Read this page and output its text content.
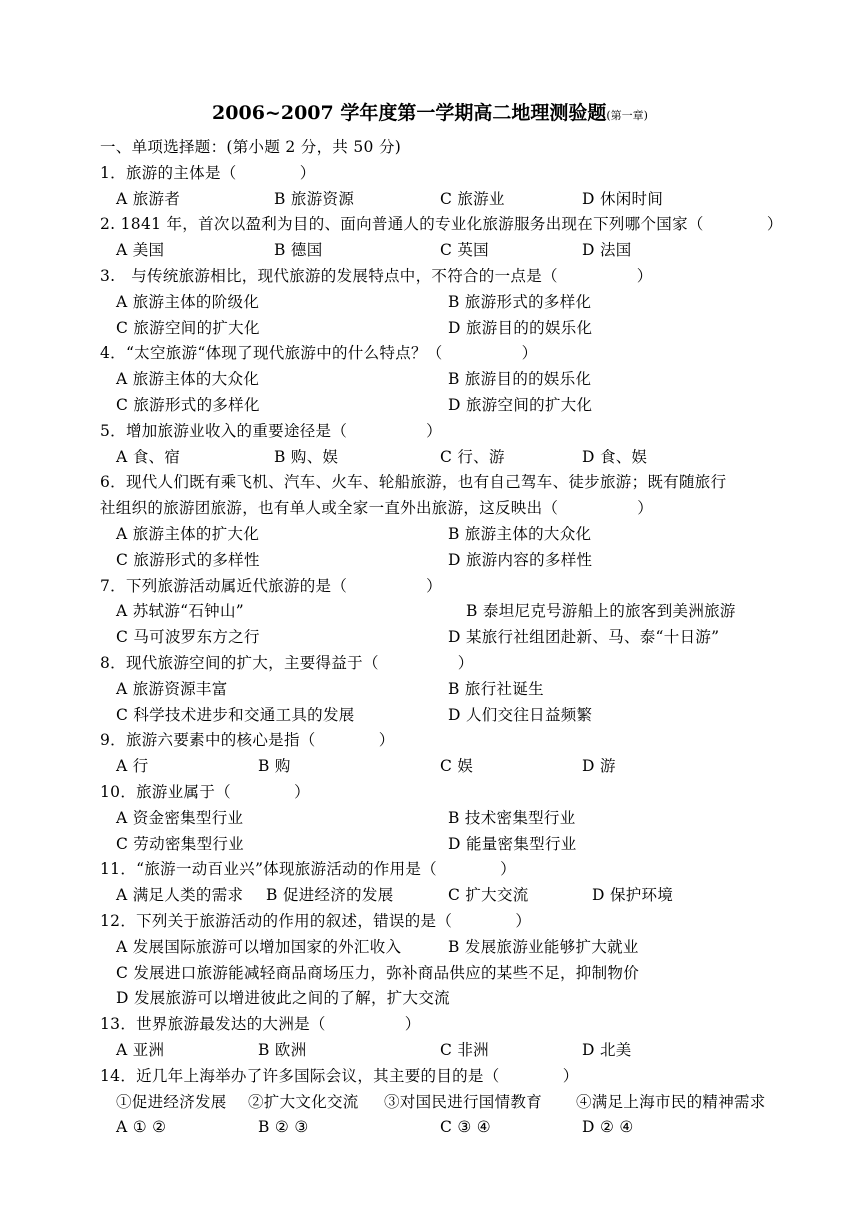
2006~2007 学年度第一学期高二地理测验题(第一章)
一、单项选择题：(第小题 2 分，共 50 分)
1．旅游的主体是（　　　　）
A 旅游者	B 旅游资源	C 旅游业	D 休闲时间
2. 1841 年，首次以盈利为目的、面向普通人的专业化旅游服务出现在下列哪个国家（　　　　）
A 美国	B 德国	C 英国	D 法国
3.　与传统旅游相比，现代旅游的发展特点中，不符合的一点是（　　　　　）
A 旅游主体的阶级化	B 旅游形式的多样化
C 旅游空间的扩大化	D 旅游目的的娱乐化
4．“太空旅游“体现了现代旅游中的什么特点？（　　　　　）
A 旅游主体的大众化	B 旅游目的的娱乐化
C 旅游形式的多样化	D 旅游空间的扩大化
5．增加旅游业收入的重要途径是（　　　　　）
A 食、宿	B 购、娱	C 行、游	D 食、娱
6．现代人们既有乘飞机、汽车、火车、轮船旅游，也有自己驾车、徒步旅游；既有随旅行
社组织的旅游团旅游，也有单人或全家一直外出旅游，这反映出（　　　　　）
A 旅游主体的扩大化	B 旅游主体的大众化
C 旅游形式的多样性	D 旅游内容的多样性
7．下列旅游活动属近代旅游的是（　　　　　）
A 苏轼游“石钟山”	B 泰坦尼克号游船上的旅客到美洲旅游
C 马可波罗东方之行	D 某旅行社组团赴新、马、泰“十日游”
8．现代旅游空间的扩大，主要得益于（　　　　　）
A 旅游资源丰富	B 旅行社诞生
C 科学技术进步和交通工具的发展	D 人们交往日益频繁
9．旅游六要素中的核心是指（　　　　）
A 行	B 购	C 娱	D 游
10．旅游业属于（　　　　）
A 资金密集型行业	B 技术密集型行业
C 劳动密集型行业	D 能量密集型行业
11．“旅游一动百业兴”体现旅游活动的作用是（　　　　）
A 满足人类的需求 B 促进经济的发展	C 扩大交流	D 保护环境
12．下列关于旅游活动的作用的叙述，错误的是（　　　　）
A 发展国际旅游可以增加国家的外汇收入	B 发展旅游业能够扩大就业
C 发展进口旅游能减轻商品商场压力，弥补商品供应的某些不足，抑制物价
D 发展旅游可以增进彼此之间的了解，扩大交流
13．世界旅游最发达的大洲是（　　　　　）
A 亚洲	B 欧洲	C 非洲	D 北美
14．近几年上海举办了许多国际会议，其主要的目的是（　　　　）
①促进经济发展 ②扩大文化交流 ③对国民进行国情教育 ④满足上海市民的精神需求
A ① ②	B ② ③	C ③ ④	D ② ④
